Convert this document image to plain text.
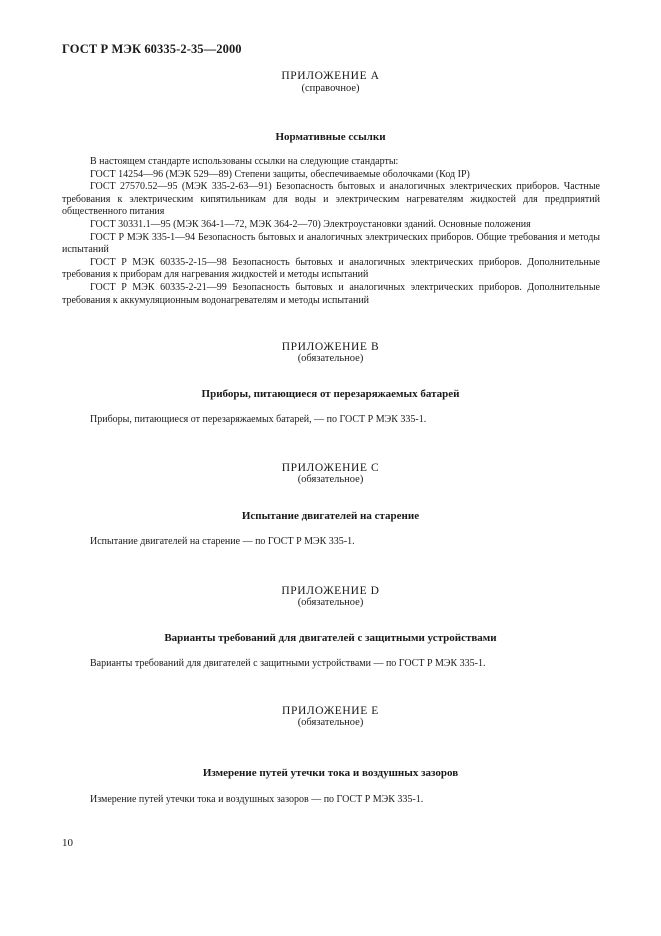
ГОСТ Р МЭК 60335-2-35—2000
ПРИЛОЖЕНИЕ A
(справочное)
Нормативные ссылки

В настоящем стандарте использованы ссылки на следующие стандарты:

ГОСТ 14254—96 (МЭК 529—89) Степени защиты, обеспечиваемые оболочками (Код IP)

ГОСТ 27570.52—95 (МЭК 335-2-63—91) Безопасность бытовых и аналогичных электрических приборов. Частные требования к электрическим кипятильникам для воды и электрическим нагревателям жидкостей для предприятий общественного питания

ГОСТ 30331.1—95 (МЭК 364-1—72, МЭК 364-2—70) Электроустановки зданий. Основные положения

ГОСТ Р МЭК 335-1—94 Безопасность бытовых и аналогичных электрических приборов. Общие требования и методы испытаний

ГОСТ Р МЭК 60335-2-15—98 Безопасность бытовых и аналогичных электрических приборов. Дополнительные требования к приборам для нагревания жидкостей и методы испытаний

ГОСТ Р МЭК 60335-2-21—99 Безопасность бытовых и аналогичных электрических приборов. Дополнительные требования к аккумуляционным водонагревателям и методы испытаний

ПРИЛОЖЕНИЕ B
(обязательное)
Приборы, питающиеся от перезаряжаемых батарей
Приборы, питающиеся от перезаряжаемых батарей, — по ГОСТ Р МЭК 335-1.
ПРИЛОЖЕНИЕ C
(обязательное)
Испытание двигателей на старение
Испытание двигателей на старение — по ГОСТ Р МЭК 335-1.
ПРИЛОЖЕНИЕ D
(обязательное)
Варианты требований для двигателей с защитными устройствами
Варианты требований для двигателей с защитными устройствами — по ГОСТ Р МЭК 335-1.
ПРИЛОЖЕНИЕ E
(обязательное)
Измерение путей утечки тока и воздушных зазоров
Измерение путей утечки тока и воздушных зазоров — по ГОСТ Р МЭК 335-1.
10
